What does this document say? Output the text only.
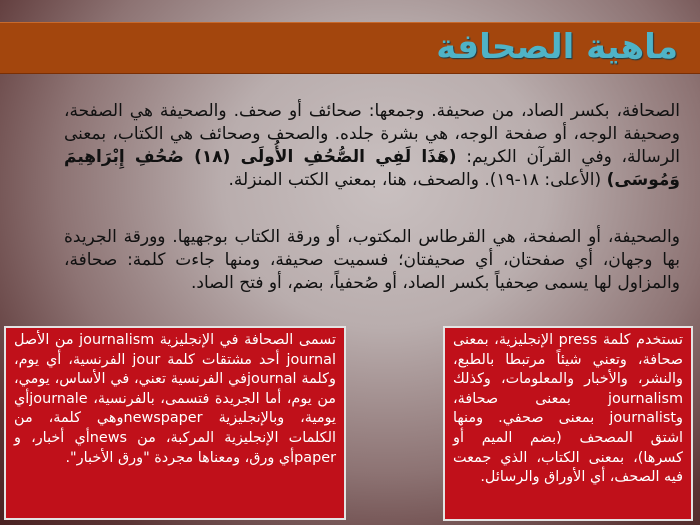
ماهية الصحافة
الصحافة، بكسر الصاد، من صحيفة. وجمعها: صحائف أو صحف. والصحيفة هي الصفحة، وصحيفة الوجه، أو صفحة الوجه، هي بشرة جلده. والصحف وصحائف هي الكتاب، بمعنى الرسالة، وفي القرآن الكريم: (هَذَا لَفِي الصُّحُفِ الأُولَى (١٨) صُحُفِ إِبْرَاهِيمَ وَمُوسَى) (الأعلى: ١٨-١٩). والصحف، هنا، بمعني الكتب المنزلة.
والصحيفة، أو الصفحة، هي القرطاس المكتوب، أو ورقة الكتاب بوجهيها. وورقة الجريدة بها وجهان، أي صفحتان، أي صحيفتان؛ فسميت صحيفة، ومنها جاءت كلمة: صحافة، والمزاول لها يسمى صِحفياً بكسر الصاد، أو صُحفياً، بضم، أو فتح الصاد.
تسمى الصحافة في الإنجليزية journalism من الأصل journal أحد مشتقات كلمة jour الفرنسية، أي يوم، وكلمة journalفي الفرنسية تعني، في الأساس، يومي، من يوم، أما الجريدة فتسمى، بالفرنسية، journaleأي يومية، وبالإنجليزية newspaperوهي كلمة، من الكلمات الإنجليزية المركبة، من newsأي أخبار، و paperأي ورق، ومعناها مجردة "ورق الأخبار".
تستخدم كلمة press الإنجليزية، بمعنى صحافة، وتعني شيئاً مرتبطا بالطبع، والنشر، والأخبار والمعلومات، وكذلك journalism بمعنى صحافة، وjournalist بمعنى صحفي. ومنها اشتق المصحف (بضم الميم أو كسرها)، بمعنى الكتاب، الذي جمعت فيه الصحف، أي الأوراق والرسائل.
